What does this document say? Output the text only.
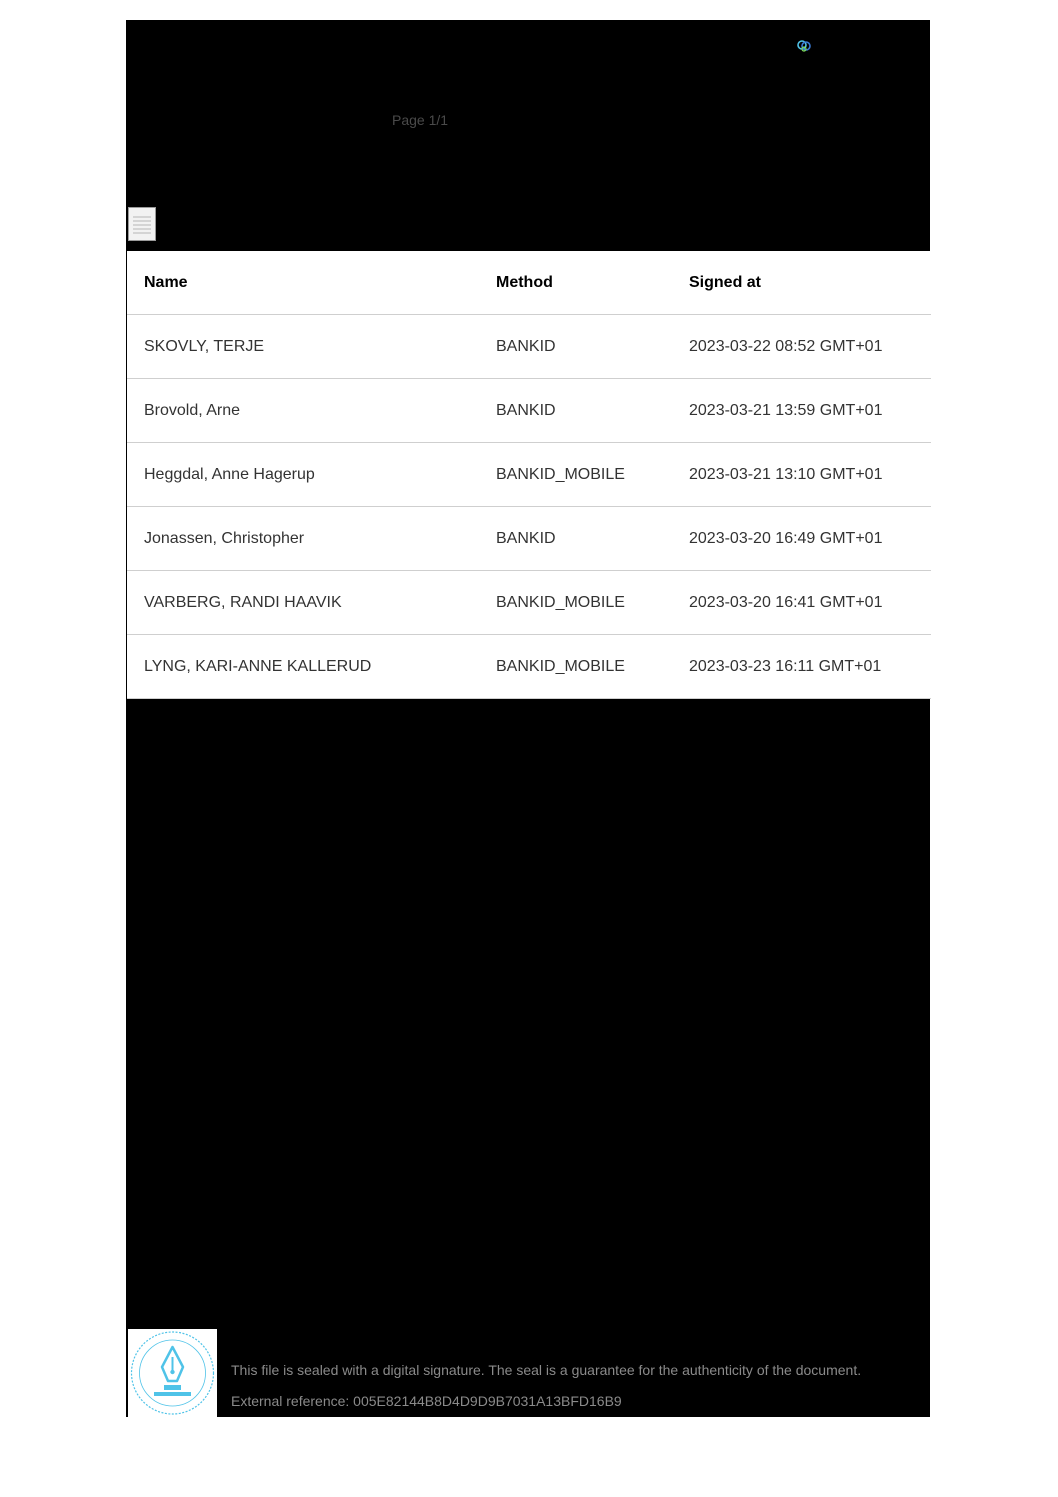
Page 1/1
Name	Method	Signed at
SKOVLY, TERJE	BANKID	2023-03-22 08:52 GMT+01
Brovold, Arne	BANKID	2023-03-21 13:59 GMT+01
Heggdal, Anne Hagerup	BANKID_MOBILE	2023-03-21 13:10 GMT+01
Jonassen, Christopher	BANKID	2023-03-20 16:49 GMT+01
VARBERG, RANDI HAAVIK	BANKID_MOBILE	2023-03-20 16:41 GMT+01
LYNG, KARI-ANNE KALLERUD	BANKID_MOBILE	2023-03-23 16:11 GMT+01
This file is sealed with a digital signature. The seal is a guarantee for the authenticity of the document.
External reference: 005E82144B8D4D9D9B7031A13BFD16B9
